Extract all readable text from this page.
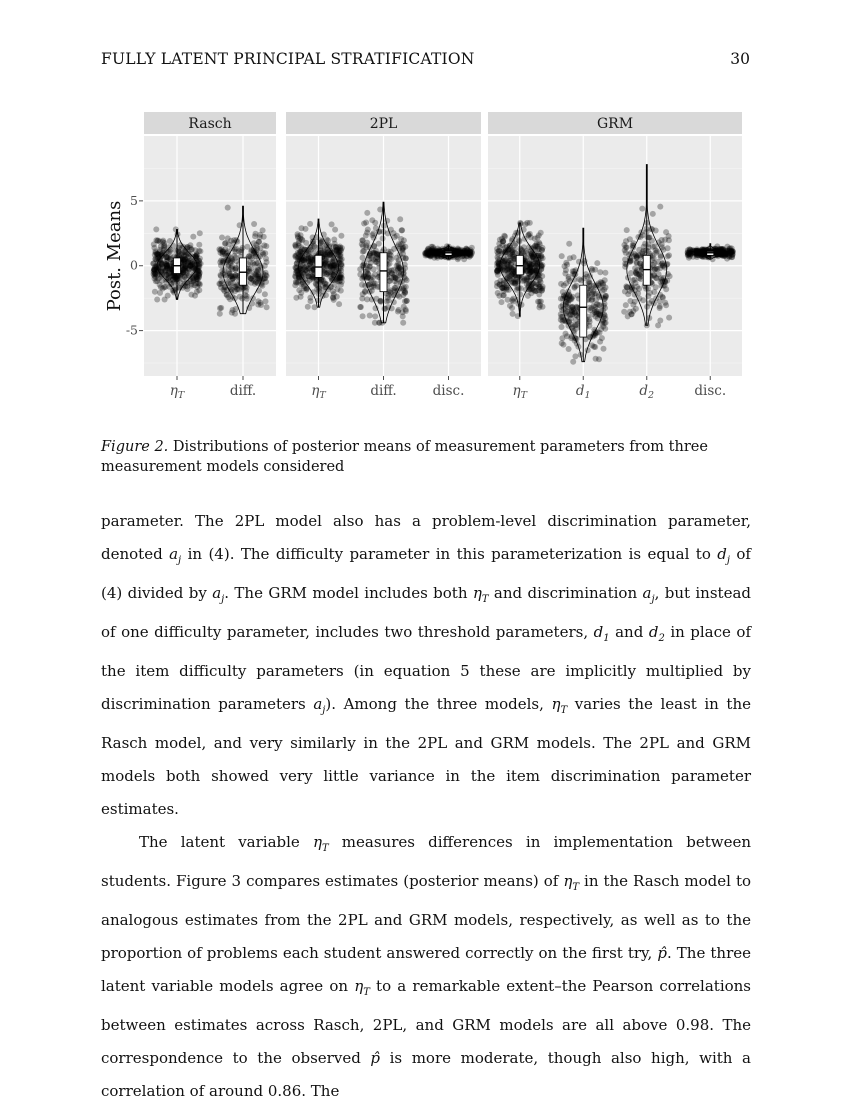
FULLY LATENT PRINCIPAL STRATIFICATION	30
Post. Means
-5
0
5
Rasch
$\eta_T$	diff.
2PL
$\eta_T$	diff.	disc.
GRM
$\eta_T$	$d_1$	$d_2$	disc.
Figure 2. Distributions of posterior means of measurement parameters from three measurement models considered

parameter. The 2PL model also has a problem-level discrimination parameter, denoted $a_j$ in (4). The difficulty parameter in this parameterization is equal to $d_j$ of (4) divided by $a_j$. The GRM model includes both $\eta_T$ and discrimination $a_j$, but instead of one difficulty parameter, includes two threshold parameters, $d_1$ and $d_2$ in place of the item difficulty parameters (in equation 5 these are implicitly multiplied by discrimination parameters $a_j$). Among the three models, $\eta_T$ varies the least in the Rasch model, and very similarly in the 2PL and GRM models. The 2PL and GRM models both showed very little variance in the item discrimination parameter estimates.

The latent variable $\eta_T$ measures differences in implementation between students. Figure 3 compares estimates (posterior means) of $\eta_T$ in the Rasch model to analogous estimates from the 2PL and GRM models, respectively, as well as to the proportion of problems each student answered correctly on the first try, p̂. The three latent variable models agree on $\eta_T$ to a remarkable extent–the Pearson correlations between estimates across Rasch, 2PL, and GRM models are all above 0.98. The correspondence to the observed p̂ is more moderate, though also high, with a correlation of around 0.86. The
